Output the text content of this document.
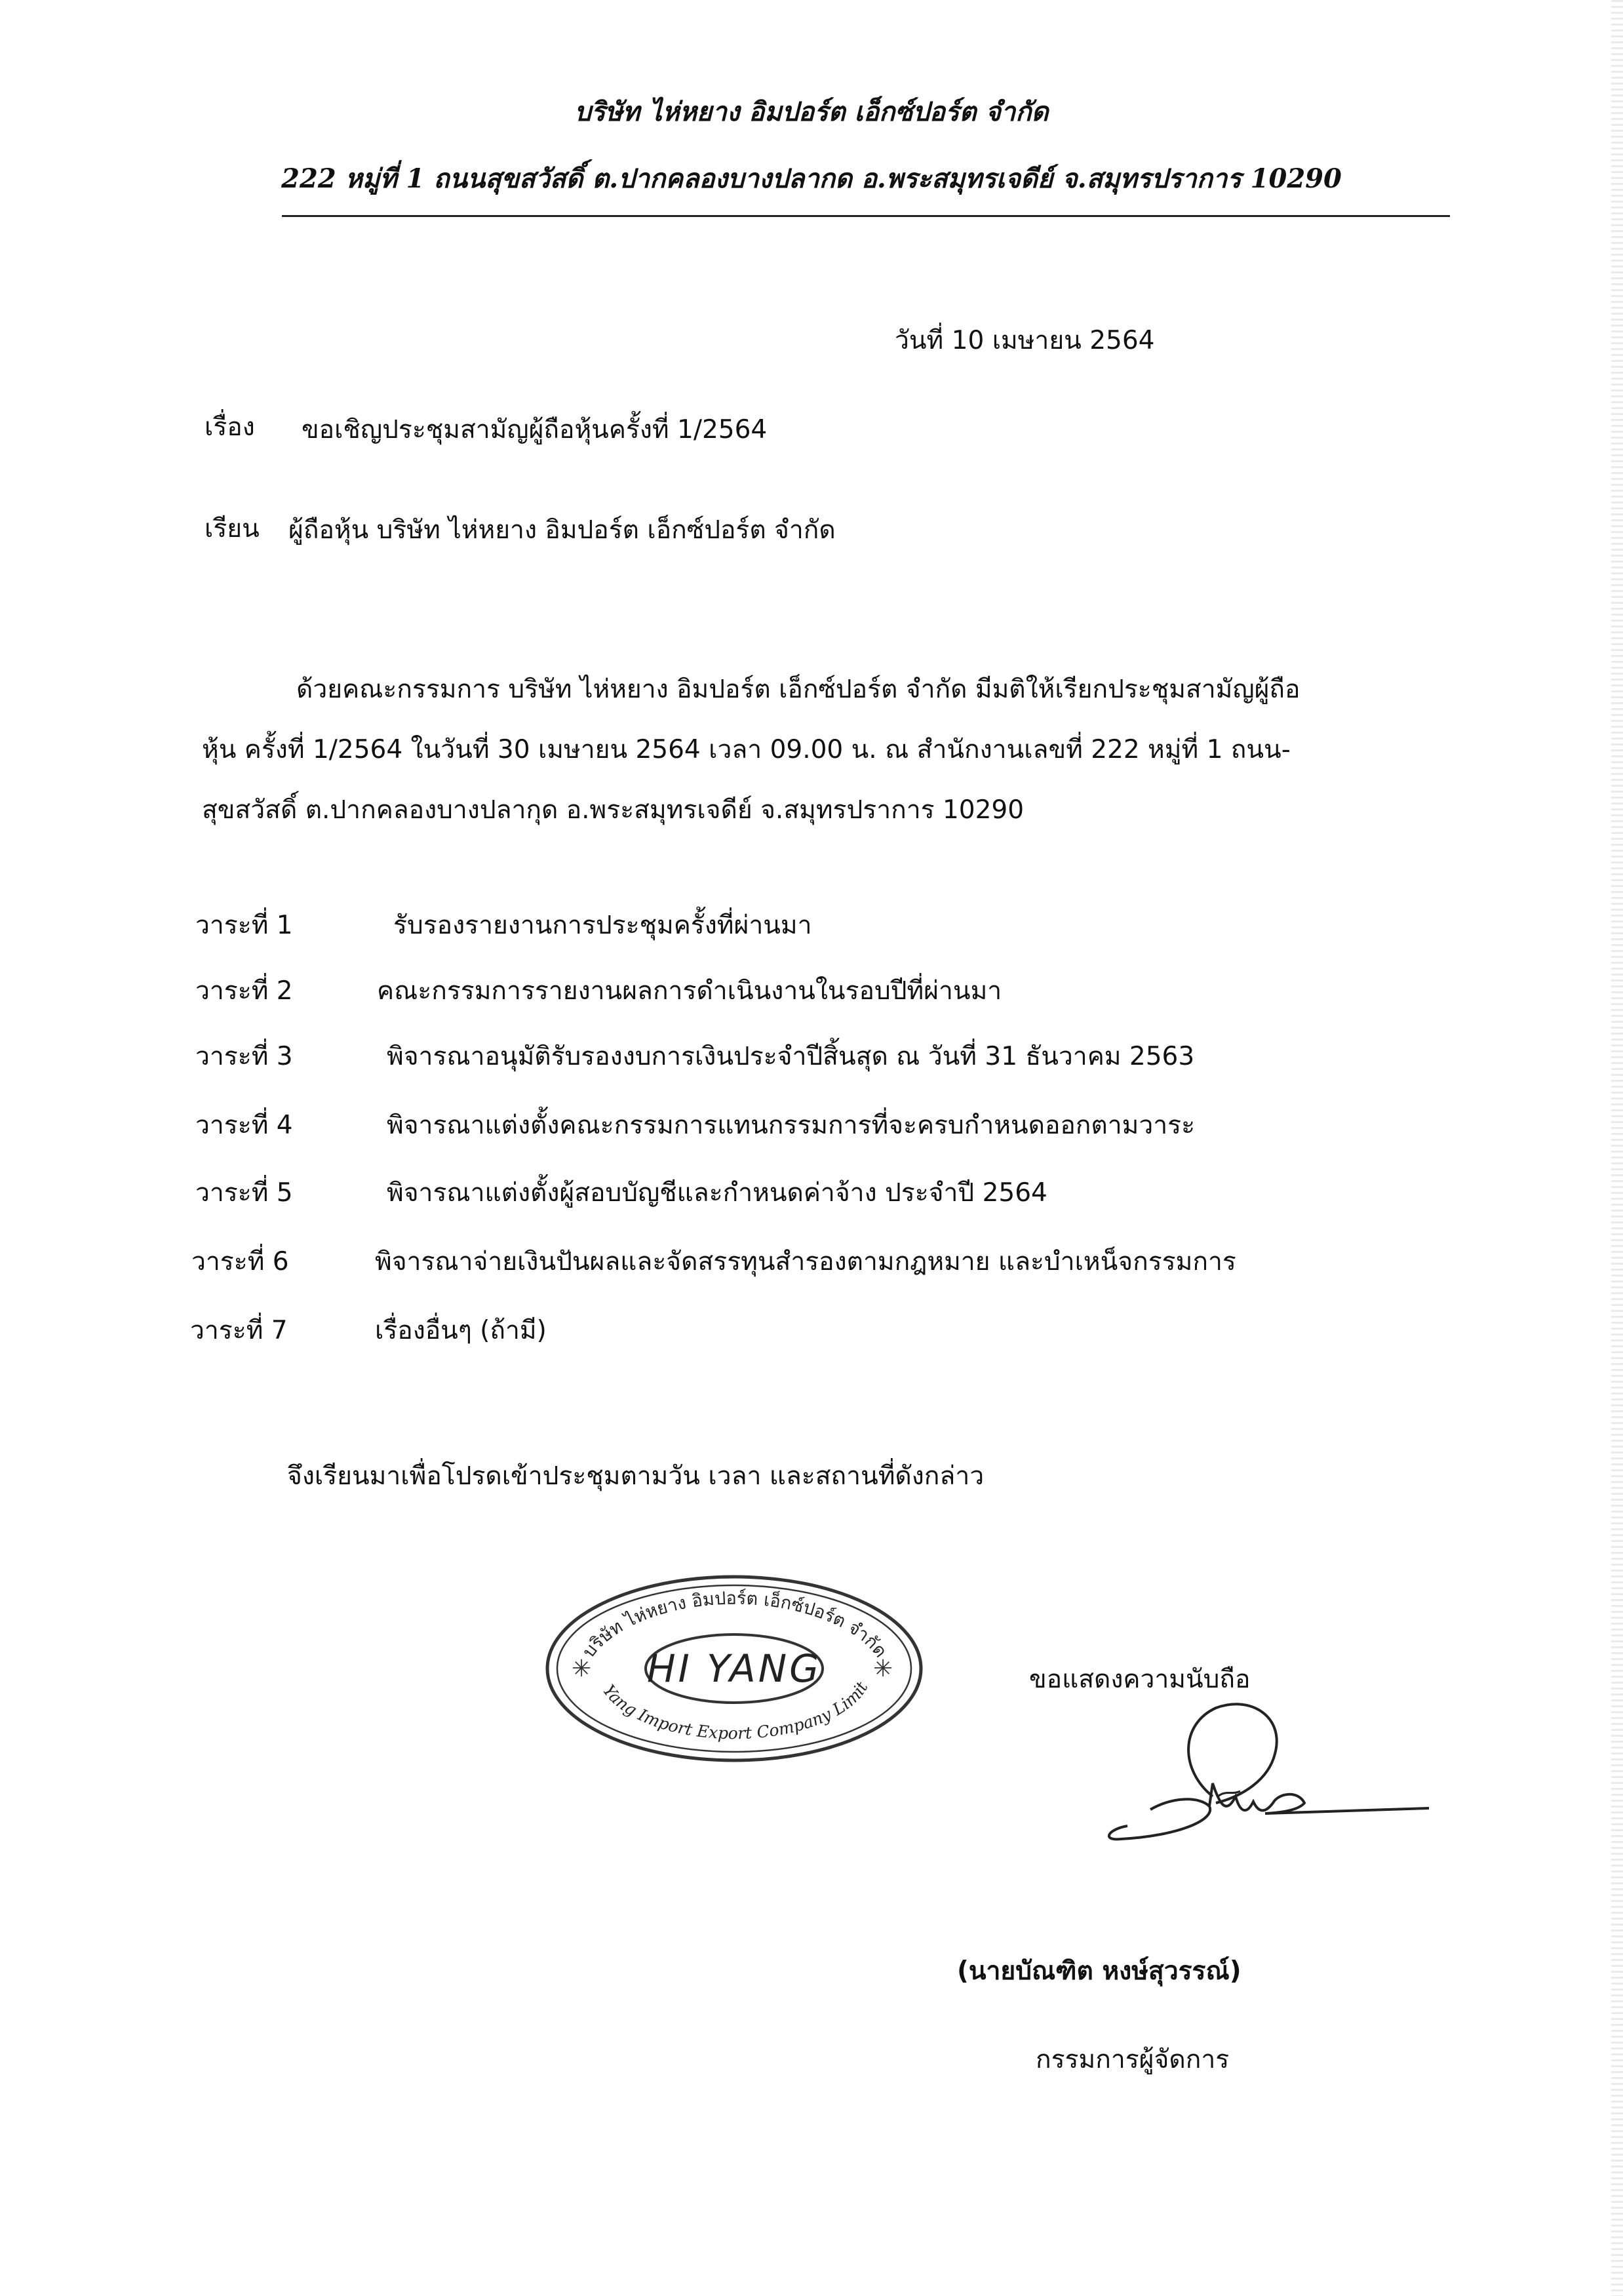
บริษัท ไห่หยาง อิมปอร์ต เอ็กซ์ปอร์ต จำกัด
222 หมู่ที่ 1 ถนนสุขสวัสดิ์ ต.ปากคลองบางปลากด อ.พระสมุทรเจดีย์ จ.สมุทรปราการ 10290
วันที่ 10 เมษายน 2564
เรื่อง ขอเชิญประชุมสามัญผู้ถือหุ้นครั้งที่ 1/2564
เรียน ผู้ถือหุ้น บริษัท ไห่หยาง อิมปอร์ต เอ็กซ์ปอร์ต จำกัด
ด้วยคณะกรรมการ บริษัท ไห่หยาง อิมปอร์ต เอ็กซ์ปอร์ต จำกัด มีมติให้เรียกประชุมสามัญผู้ถือ
หุ้น ครั้งที่ 1/2564 ในวันที่ 30 เมษายน 2564 เวลา 09.00 น. ณ สำนักงานเลขที่ 222 หมู่ที่ 1 ถนน-
สุขสวัสดิ์ ต.ปากคลองบางปลากุด อ.พระสมุทรเจดีย์ จ.สมุทรปราการ 10290
วาระที่ 1	รับรองรายงานการประชุมครั้งที่ผ่านมา
วาระที่ 2	คณะกรรมการรายงานผลการดำเนินงานในรอบปีที่ผ่านมา
วาระที่ 3	พิจารณาอนุมัติรับรองงบการเงินประจำปีสิ้นสุด ณ วันที่ 31 ธันวาคม 2563
วาระที่ 4	พิจารณาแต่งตั้งคณะกรรมการแทนกรรมการที่จะครบกำหนดออกตามวาระ
วาระที่ 5	พิจารณาแต่งตั้งผู้สอบบัญชีและกำหนดค่าจ้าง ประจำปี 2564
วาระที่ 6	พิจารณาจ่ายเงินปันผลและจัดสรรทุนสำรองตามกฎหมาย และบำเหน็จกรรมการ
วาระที่ 7	เรื่องอื่นๆ (ถ้ามี)
จึงเรียนมาเพื่อโปรดเข้าประชุมตามวัน เวลา และสถานที่ดังกล่าว
บริษัท ไห่หยาง อิมปอร์ต เอ็กซ์ปอร์ต จำกัด
Yang Import Export Company Limit
HI YANG
✳	✳	ขอแสดงความนับถือ
(นายบัณฑิต หงษ์สุวรรณ์)
กรรมการผู้จัดการ
